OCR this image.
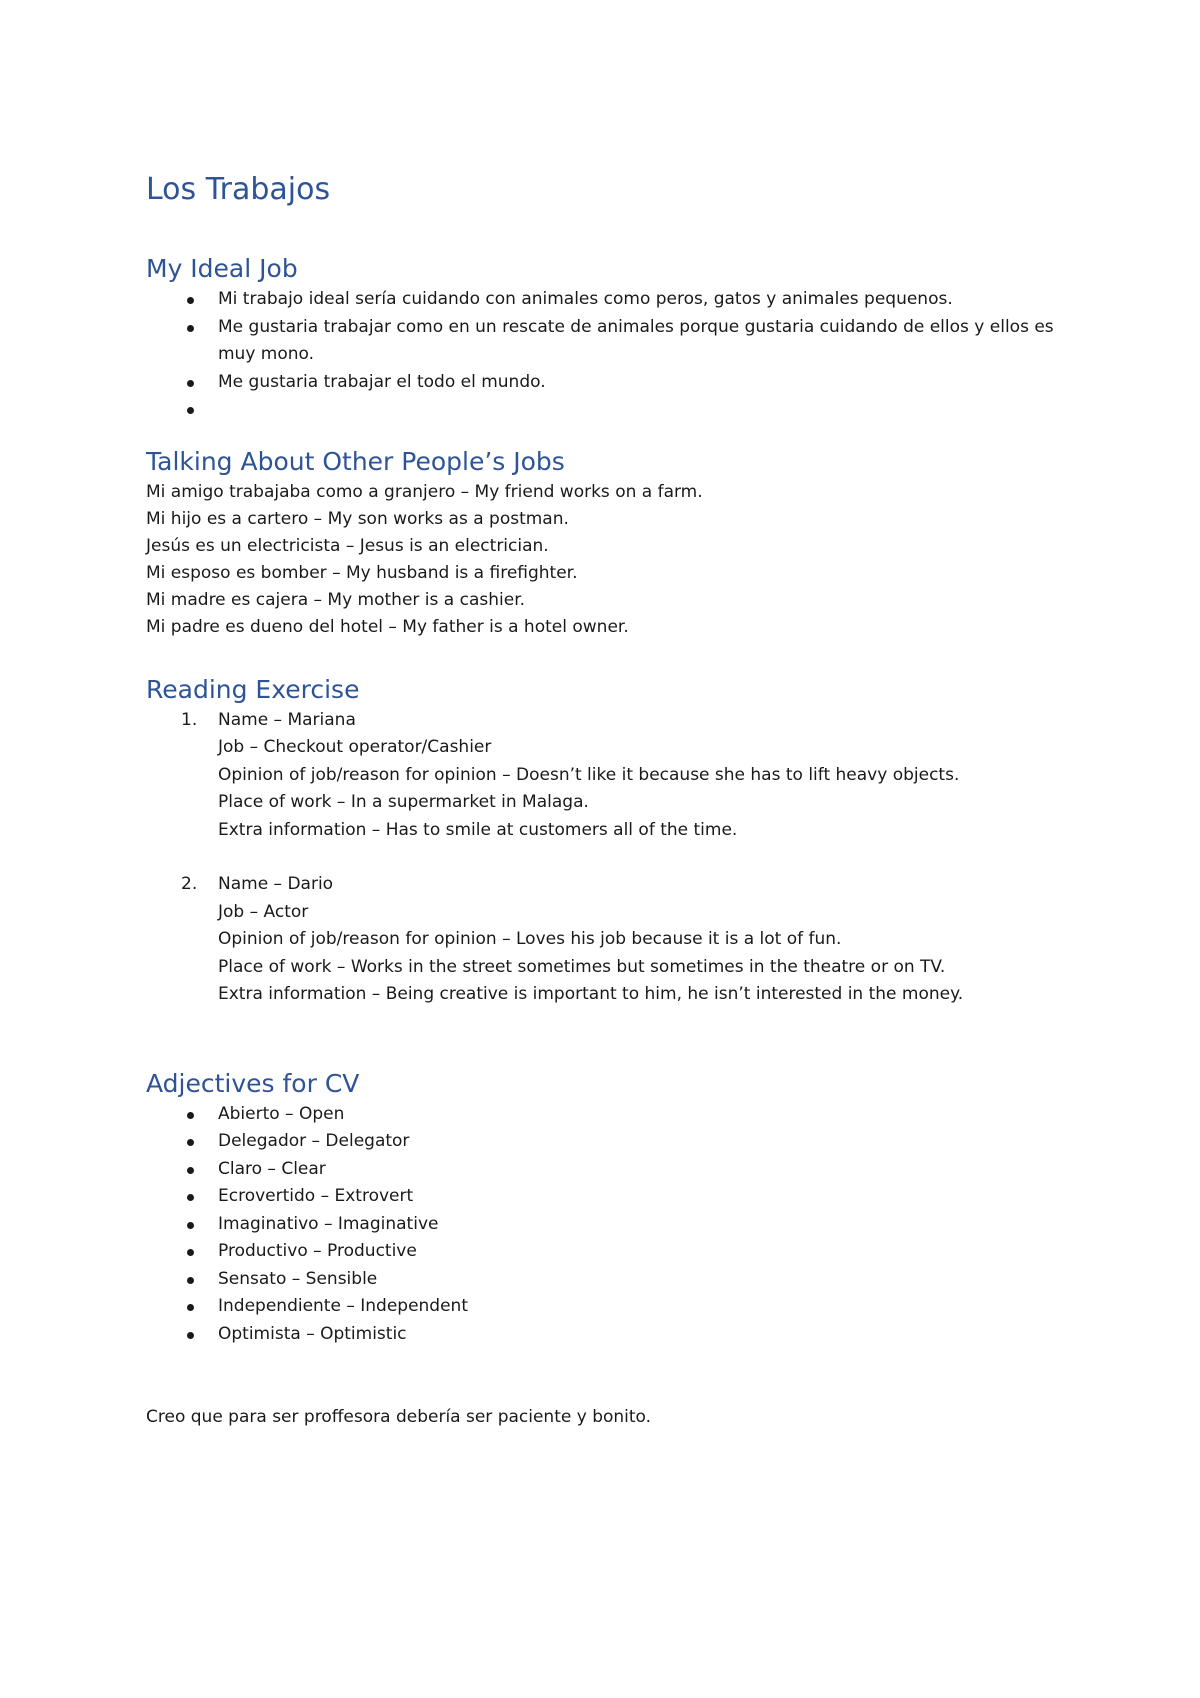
Los Trabajos
My Ideal Job
Mi trabajo ideal sería cuidando con animales como peros, gatos y animales pequenos.
Me gustaria trabajar como en un rescate de animales porque gustaria cuidando de ellos y ellos es muy mono.
Me gustaria trabajar el todo el mundo.
Talking About Other People’s Jobs
Mi amigo trabajaba como a granjero – My friend works on a farm.
Mi hijo es a cartero – My son works as a postman.
Jesús es un electricista – Jesus is an electrician.
Mi esposo es bomber – My husband is a firefighter.
Mi madre es cajera – My mother is a cashier.
Mi padre es dueno del hotel – My father is a hotel owner.
Reading Exercise
1. Name – Mariana
Job – Checkout operator/Cashier
Opinion of job/reason for opinion – Doesn’t like it because she has to lift heavy objects.
Place of work – In a supermarket in Malaga.
Extra information – Has to smile at customers all of the time.
2. Name – Dario
Job – Actor
Opinion of job/reason for opinion – Loves his job because it is a lot of fun.
Place of work – Works in the street sometimes but sometimes in the theatre or on TV.
Extra information – Being creative is important to him, he isn’t interested in the money.
Adjectives for CV
Abierto – Open
Delegador – Delegator
Claro – Clear
Ecrovertido – Extrovert
Imaginativo – Imaginative
Productivo – Productive
Sensato – Sensible
Independiente – Independent
Optimista – Optimistic

Creo que para ser proffesora debería ser paciente y bonito.
